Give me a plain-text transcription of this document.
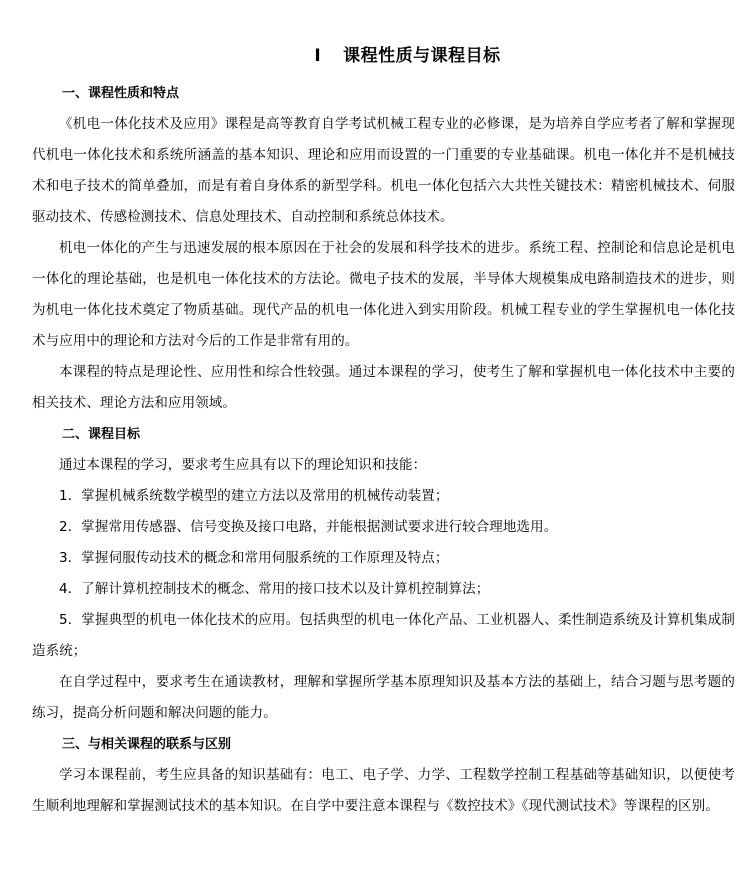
I 课程性质与课程目标
一、课程性质和特点

《机电一体化技术及应用》课程是高等教育自学考试机械工程专业的必修课，是为培养自学应考者了解和掌握现代机电一体化技术和系统所涵盖的基本知识、理论和应用而设置的一门重要的专业基础课。机电一体化并不是机械技术和电子技术的简单叠加，而是有着自身体系的新型学科。机电一体化包括六大共性关键技术：精密机械技术、伺服驱动技术、传感检测技术、信息处理技术、自动控制和系统总体技术。

机电一体化的产生与迅速发展的根本原因在于社会的发展和科学技术的进步。系统工程、控制论和信息论是机电一体化的理论基础，也是机电一体化技术的方法论。微电子技术的发展，半导体大规模集成电路制造技术的进步，则为机电一体化技术奠定了物质基础。现代产品的机电一体化进入到实用阶段。机械工程专业的学生掌握机电一体化技术与应用中的理论和方法对今后的工作是非常有用的。

本课程的特点是理论性、应用性和综合性较强。通过本课程的学习，使考生了解和掌握机电一体化技术中主要的相关技术、理论方法和应用领域。

二、课程目标

通过本课程的学习，要求考生应具有以下的理论知识和技能：

1．掌握机械系统数学模型的建立方法以及常用的机械传动装置；

2．掌握常用传感器、信号变换及接口电路，并能根据测试要求进行较合理地选用。

3．掌握伺服传动技术的概念和常用伺服系统的工作原理及特点；

4．了解计算机控制技术的概念、常用的接口技术以及计算机控制算法；

5．掌握典型的机电一体化技术的应用。包括典型的机电一体化产品、工业机器人、柔性制造系统及计算机集成制造系统；

在自学过程中，要求考生在通读教材，理解和掌握所学基本原理知识及基本方法的基础上，结合习题与思考题的练习，提高分析问题和解决问题的能力。

三、与相关课程的联系与区别

学习本课程前，考生应具备的知识基础有：电工、电子学、力学、工程数学控制工程基础等基础知识，以便使考生顺利地理解和掌握测试技术的基本知识。在自学中要注意本课程与《数控技术》《现代测试技术》等课程的区别。
